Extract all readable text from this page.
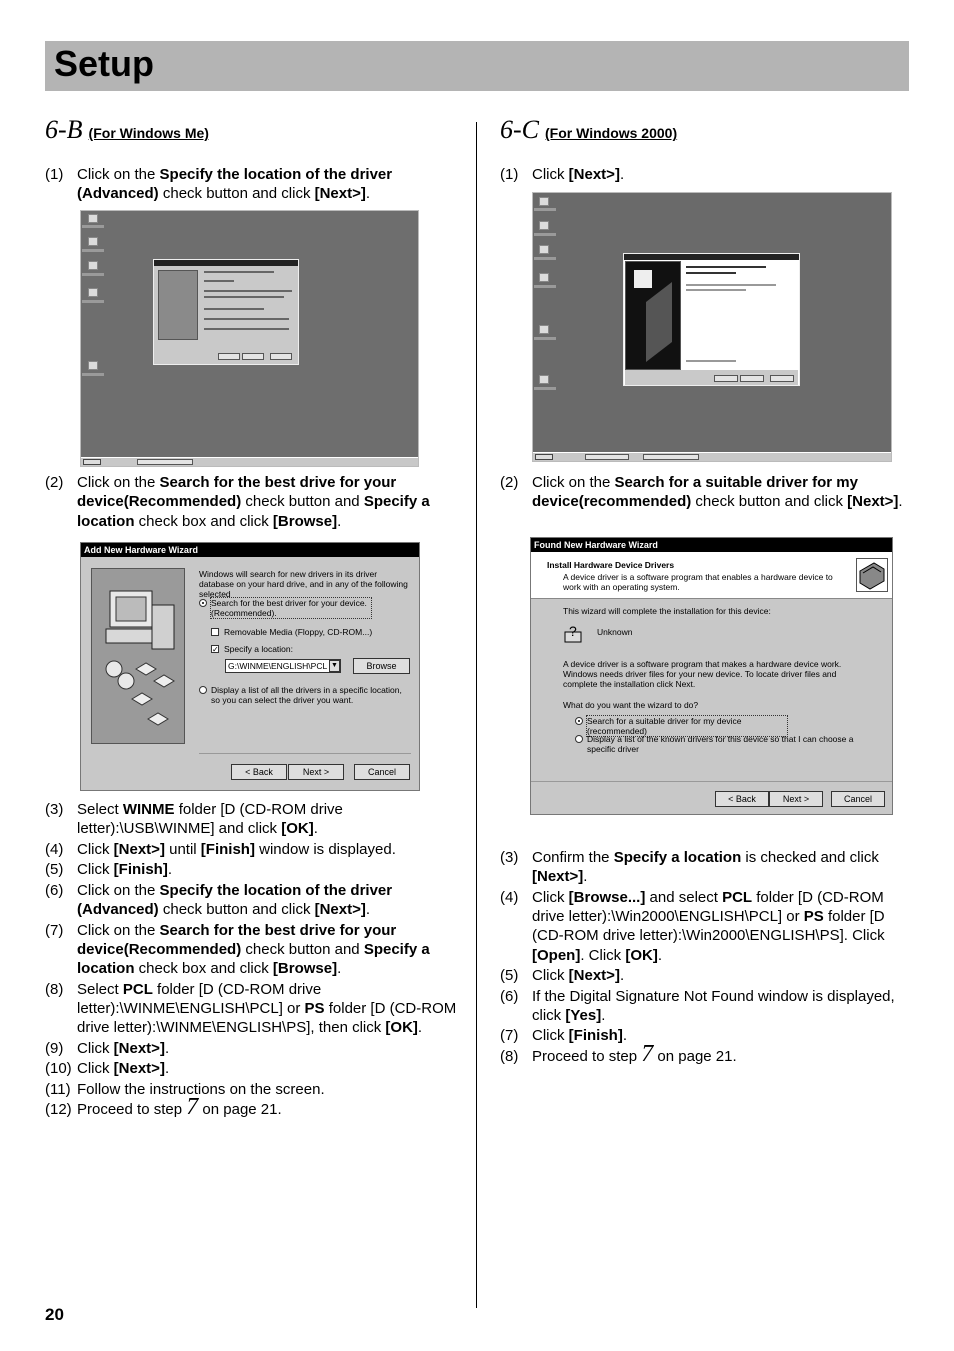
Setup
6-B (For Windows Me)
(1) Click on the Specify the location of the driver (Advanced) check button and click [Next>].
(2) Click on the Search for the best drive for your device(Recommended) check button and Specify a location check box and click [Browse].
Add New Hardware Wizard
Windows will search for new drivers in its driver database on your hard drive, and in any of the following selected
Search for the best driver for your device. (Recommended).
Removable Media (Floppy, CD-ROM...)
✓ Specify a location:
G:\WINME\ENGLISH\PCL ▼	Browse
Display a list of all the drivers in a specific location, so you can select the driver you want.
< Back	Next >	Cancel
(3) Select WINME folder [D (CD-ROM drive letter):\USB\WINME] and click [OK].
(4) Click [Next>] until [Finish] window is displayed.
(5) Click [Finish].
(6) Click on the Specify the location of the driver (Advanced) check button and click [Next>].
(7) Click on the Search for the best drive for your device(Recommended) check button and Specify a location check box and click [Browse].
(8) Select PCL folder [D (CD-ROM drive letter):\WINME\ENGLISH\PCL] or PS folder [D (CD-ROM drive letter):\WINME\ENGLISH\PS], then click [OK].
(9) Click [Next>].
(10) Click [Next>].
(11) Follow the instructions on the screen.
(12) Proceed to step 7 on page 21.
6-C (For Windows 2000)
(1) Click [Next>].
(2) Click on the Search for a suitable driver for my device(recommended) check button and click [Next>].
Found New Hardware Wizard
Install Hardware Device Drivers
A device driver is a software program that enables a hardware device to work with an operating system.
This wizard will complete the installation for this device:
? Unknown
A device driver is a software program that makes a hardware device work. Windows needs driver files for your new device. To locate driver files and complete the installation click Next.
What do you want the wizard to do?
Search for a suitable driver for my device (recommended)
Display a list of the known drivers for this device so that I can choose a specific driver
< Back	Next >	Cancel
(3) Confirm the Specify a location is checked and click [Next>].
(4) Click [Browse...] and select PCL folder [D (CD-ROM drive letter):\Win2000\ENGLISH\PCL] or PS folder [D (CD-ROM drive letter):\Win2000\ENGLISH\PS]. Click [Open]. Click [OK].
(5) Click [Next>].
(6) If the Digital Signature Not Found window is displayed, click [Yes].
(7) Click [Finish].
(8) Proceed to step 7 on page 21.
20
